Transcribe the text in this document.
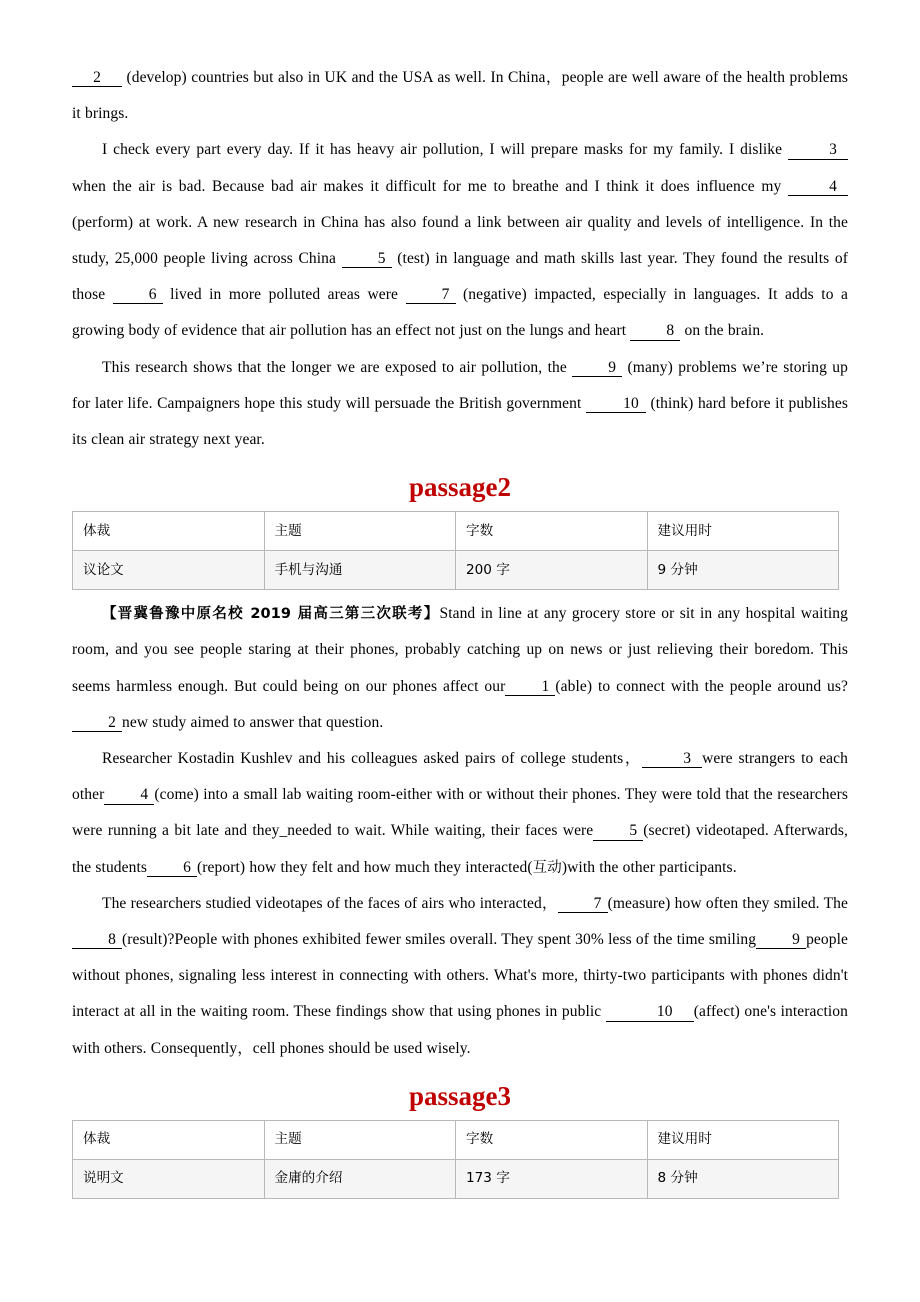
2 (develop) countries but also in UK and the USA as well. In China，people are well aware of the health problems it brings.

I check every part every day. If it has heavy air pollution, I will prepare masks for my family. I dislike	3 when the air is bad. Because bad air makes it difficult for me to breathe and I think it does influence my	4 (perform) at work. A new research in China has also found a link between air quality and levels of intelligence. In the study, 25,000 people living across China 5 (test) in language and math skills last year. They found the results of those 6 lived in more polluted areas were 7 (negative) impacted, especially in languages. It adds to a growing body of evidence that air pollution has an effect not just on the lungs and heart 8 on the brain.

This research shows that the longer we are exposed to air pollution, the 9 (many) problems we’re storing up for later life. Campaigners hope this study will persuade the British government 10 (think) hard before it publishes its clean air strategy next year.

passage2
体裁	主题	字数	建议用时
议论文	手机与沟通	200 字	9 分钟

【晋冀鲁豫中原名校 2019 届高三第三次联考】Stand in line at any grocery store or sit in any hospital waiting room, and you see people staring at their phones, probably catching up on news or just relieving their boredom. This seems harmless enough. But could being on our phones affect our 1 (able) to connect with the people around us?2 new study aimed to answer that question.

Researcher Kostadin Kushlev and his colleagues asked pairs of college students，	3 were strangers to each other 4 (come) into a small lab waiting room-either with or without their phones. They were told that the researchers were running a bit late and they_needed to wait. While waiting, their faces were 5 (secret) videotaped. Afterwards, the students 6 (report) how they felt and how much they interacted(互动)with the other participants.

The researchers studied videotapes of the faces of airs who interacted， 7 (measure) how often they smiled. The8 (result)?People with phones exhibited fewer smiles overall. They spent 30% less of the time smiling 9 people without phones, signaling less interest in connecting with others. What's more, thirty-two participants with phones didn't interact at all in the waiting room. These findings show that using phones in public	10 (affect) one's interaction with others. Consequently，cell phones should be used wisely.

passage3
体裁	主题	字数	建议用时
说明文	金庸的介绍	173 字	8 分钟
